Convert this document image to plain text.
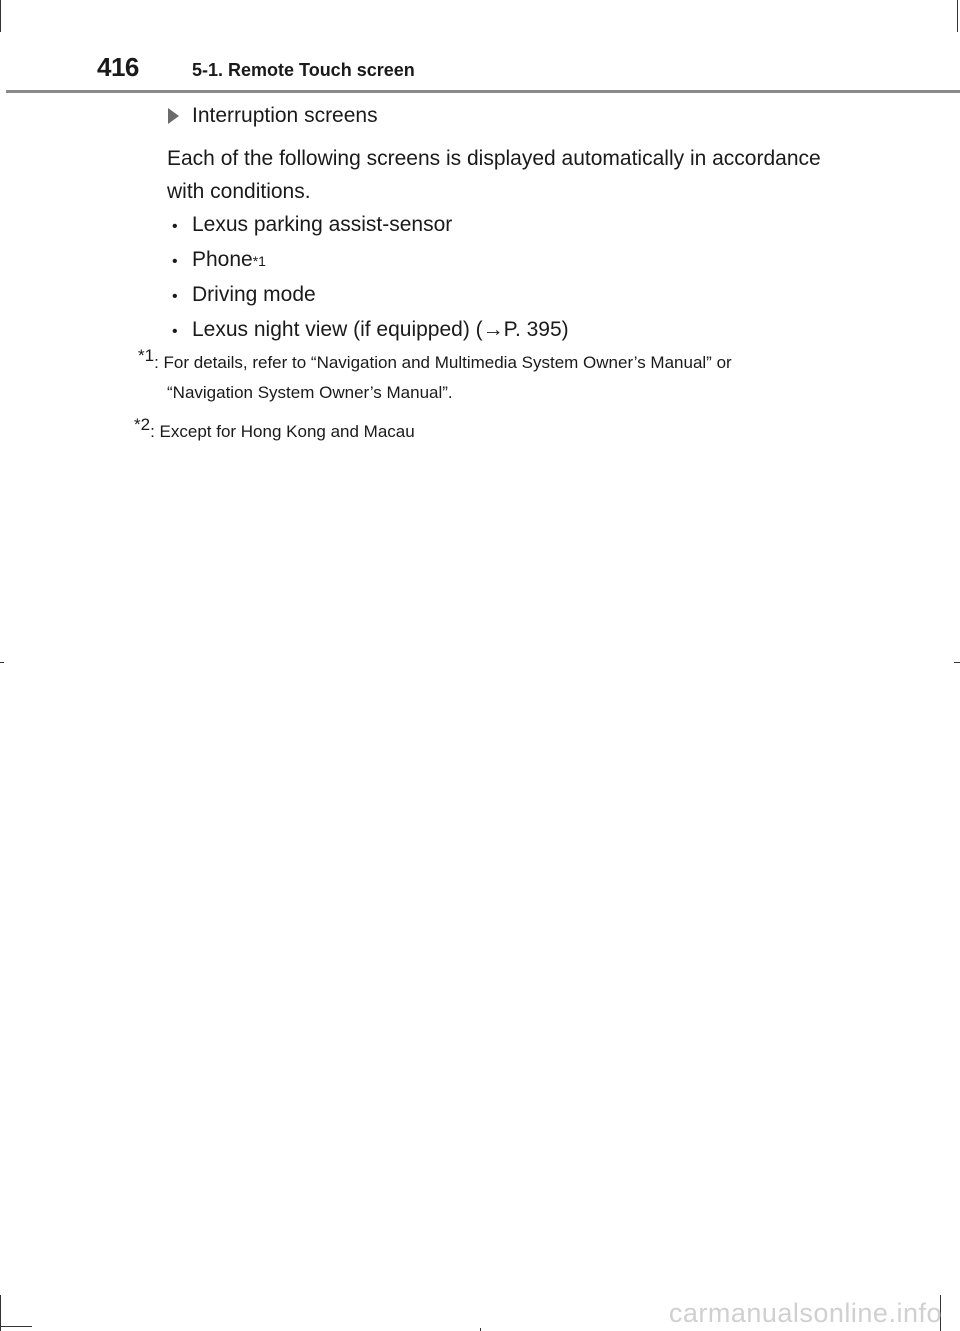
416	5-1. Remote Touch screen
Interruption screens

Each of the following screens is displayed automatically in accordance with conditions.

• Lexus parking assist-sensor
• Phone *1
• Driving mode
• Lexus night view (if equipped) (→P. 395)

*1: For details, refer to “Navigation and Multimedia System Owner’s Manual” or

“Navigation System Owner’s Manual”.

*2: Except for Hong Kong and Macau

carmanualsonline.info
